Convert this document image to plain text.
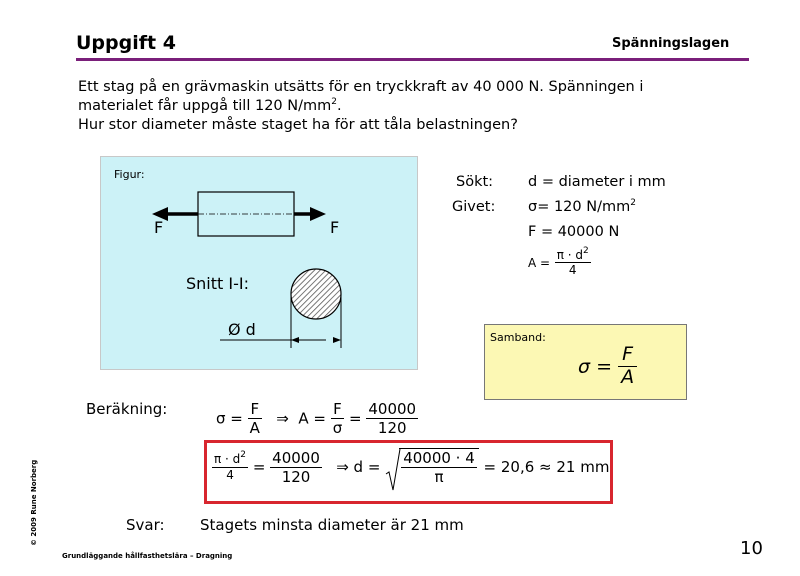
Uppgift 4	Spänningslagen
Ett stag på en grävmaskin utsätts för en tryckkraft av 40 000 N. Spänningen i
materialet får uppgå till 120 $N/mm^2$.
Hur stor diameter måste staget ha för att tåla belastningen?
Figur:
F	F
Snitt I-I:
Ø d
Sökt: d = diameter i mm
Givet: σ= 120 $N/mm^2$
F = 40000 N
$A = \frac{\pi \cdot d^2}{4}$
Samband:
$\sigma = \frac{F}{A}$
Beräkning:
$\sigma = \frac{F}{A}$ ⇒ $A = \frac{F}{\sigma} = \frac{40000}{120}$
$\frac{\pi \cdot d^2}{4} = \frac{40000}{120}$ ⇒ $d = \frac{40000 \cdot 4}{\pi} = 20,6 \approx 21$ mm
Svar: Stagets minsta diameter är 21 mm
© 2009 Rune Norberg
Grundläggande hållfasthetslära – Dragning	10
